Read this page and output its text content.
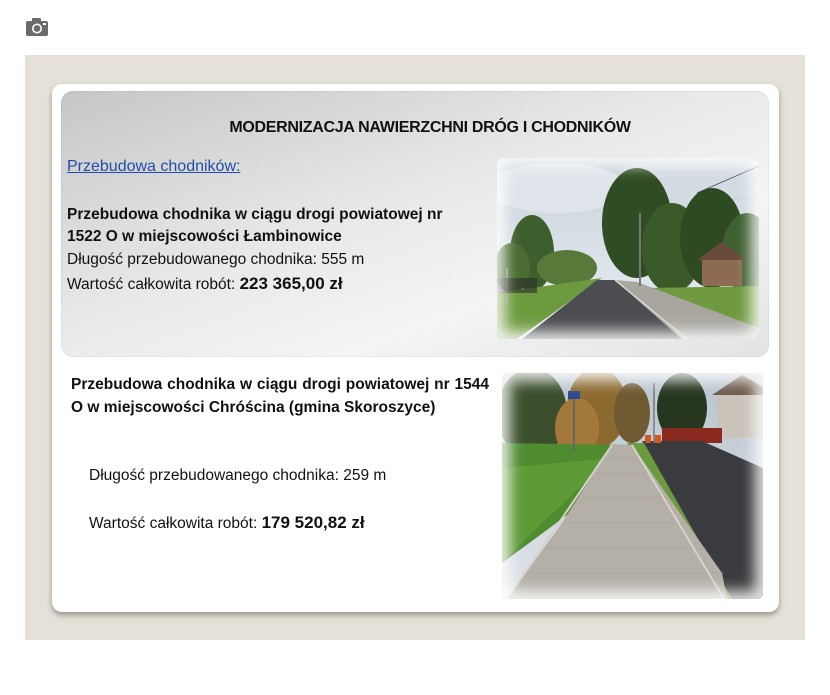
MODERNIZACJA NAWIERZCHNI DRÓG I CHODNIKÓW
Przebudowa chodników:
Przebudowa chodnika w ciągu drogi powiatowej nr
1522 O w miejscowości Łambinowice
Długość przebudowanego chodnika: 555 m
Wartość całkowita robót: 223 365,00 zł
Przebudowa chodnika w ciągu drogi powiatowej nr 1544 O w miejscowości Chróścina (gmina Skoroszyce)
Długość przebudowanego chodnika: 259 m
Wartość całkowita robót: 179 520,82 zł
